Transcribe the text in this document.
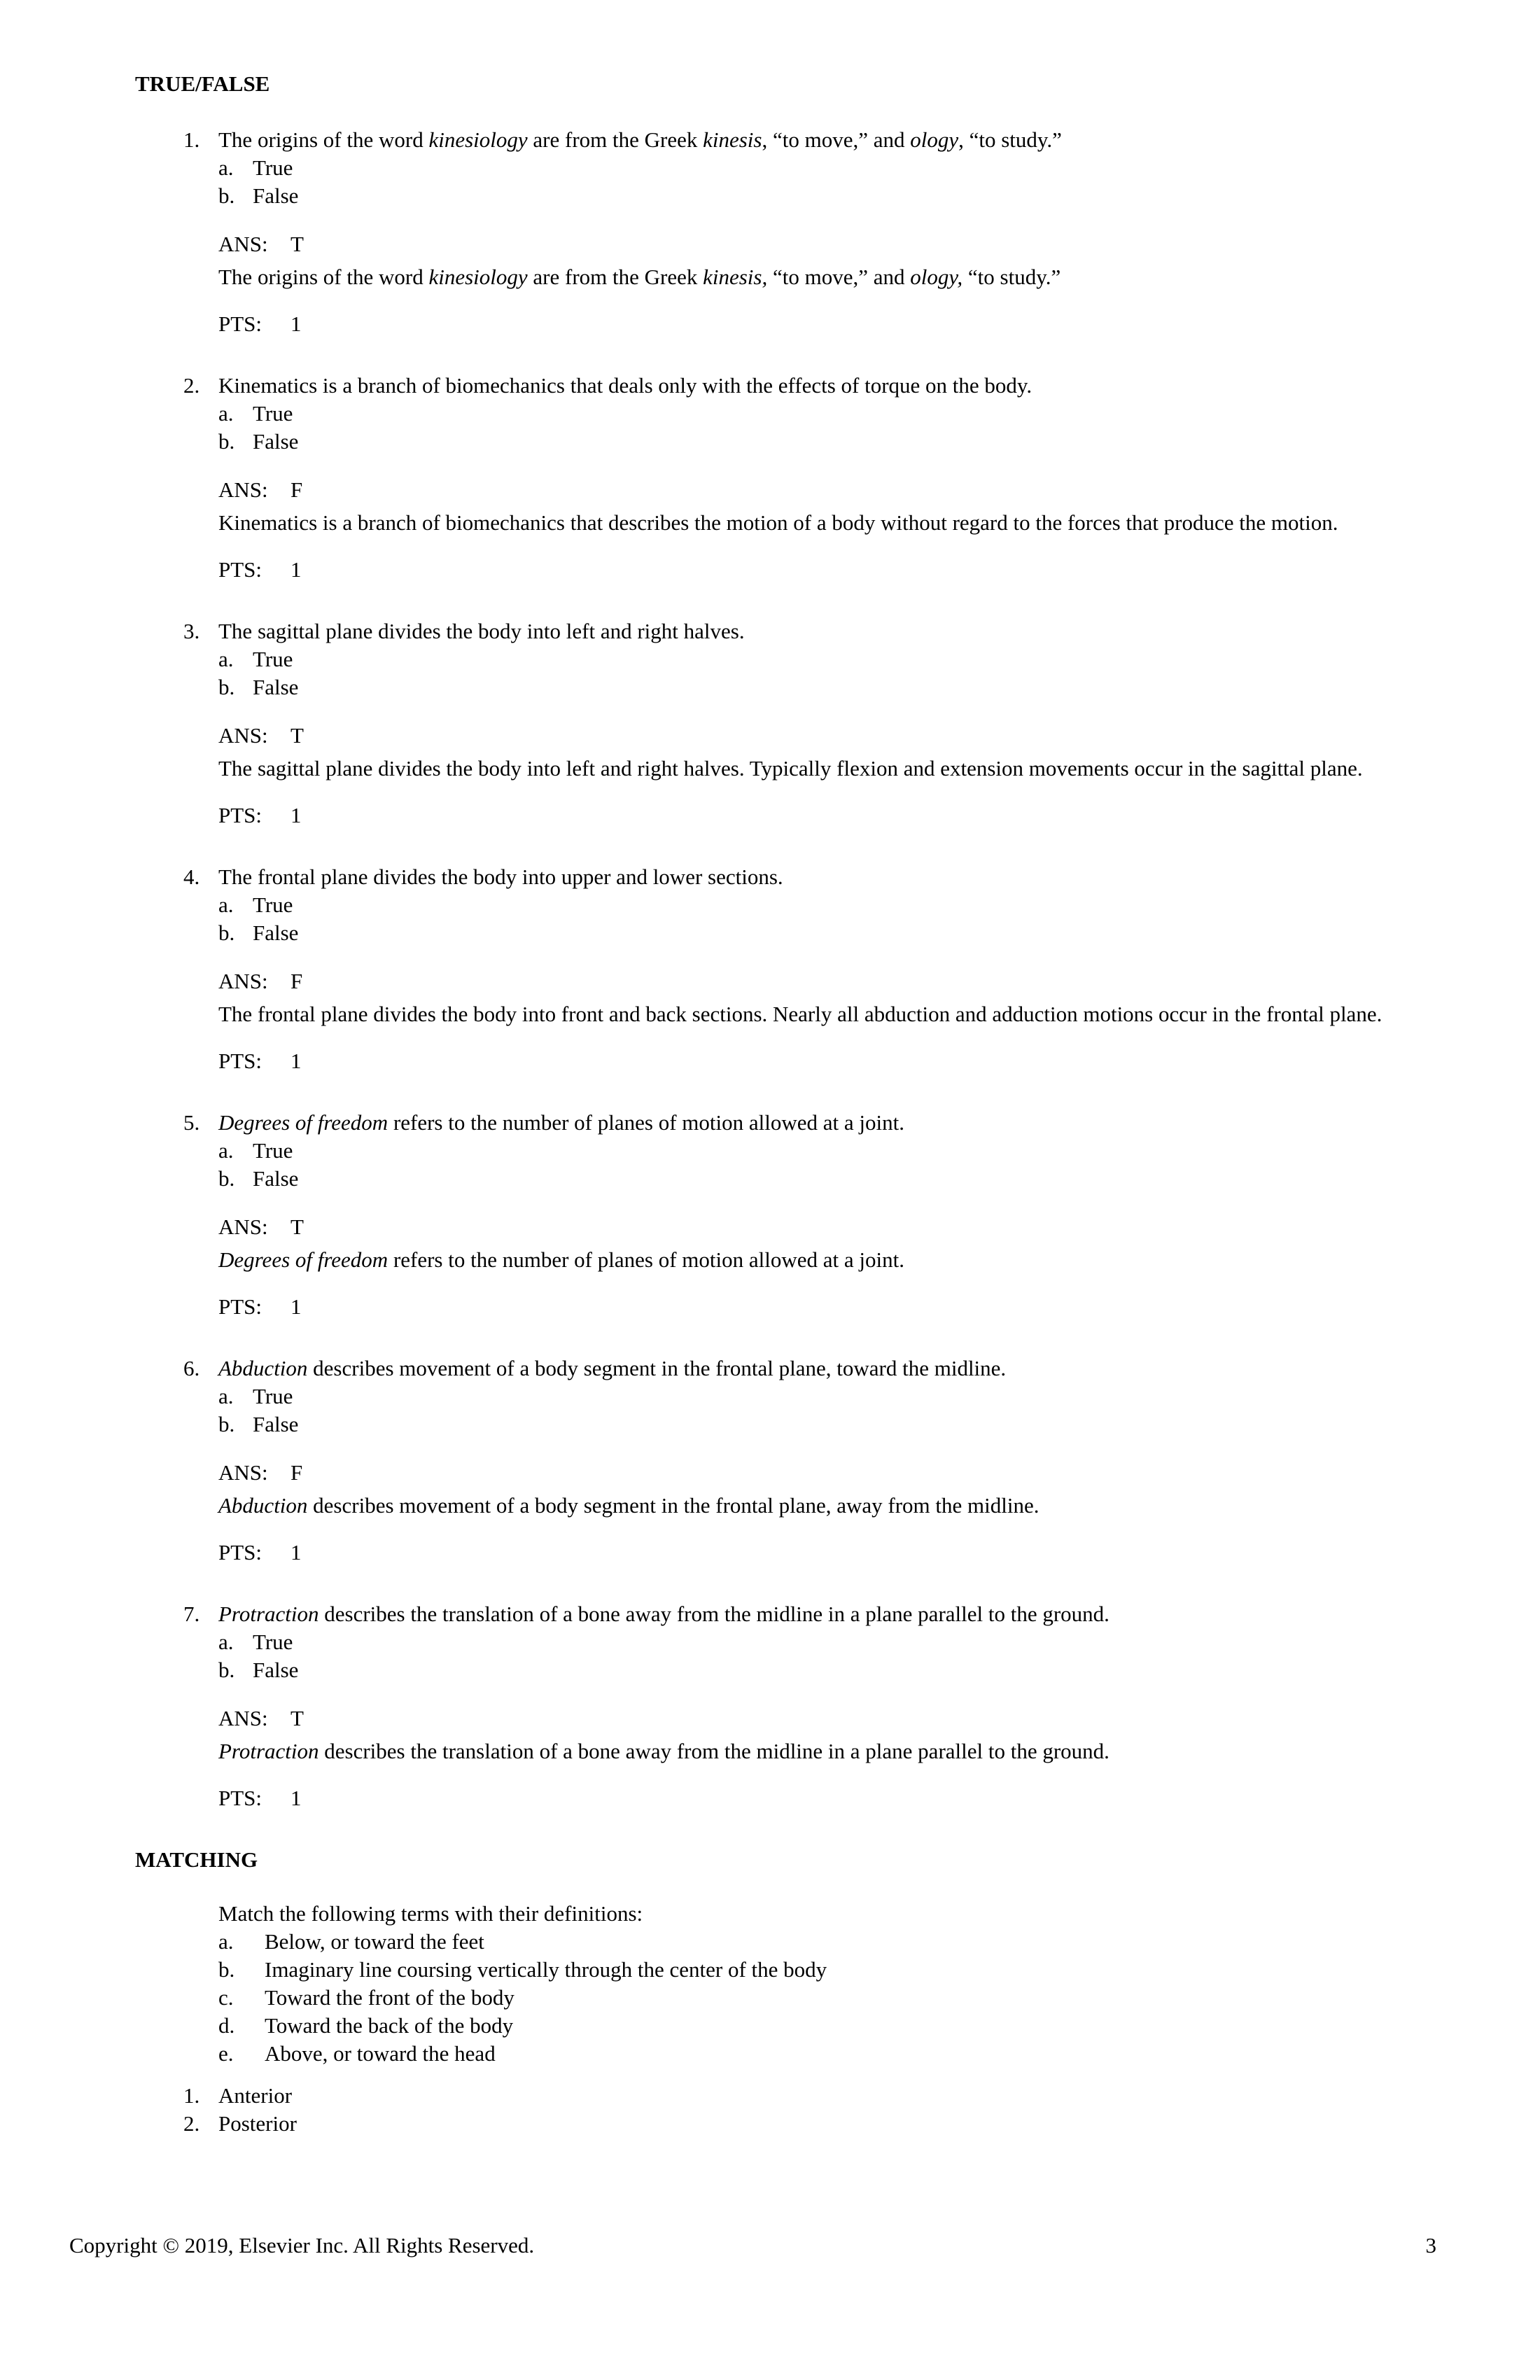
TRUE/FALSE
1. The origins of the word kinesiology are from the Greek kinesis, “to move,” and ology, “to study.”
a. True
b. False
ANS: T
The origins of the word kinesiology are from the Greek kinesis, “to move,” and ology, “to study.”
PTS: 1
2. Kinematics is a branch of biomechanics that deals only with the effects of torque on the body.
a. True
b. False
ANS: F
Kinematics is a branch of biomechanics that describes the motion of a body without regard to the forces that produce the motion.
PTS: 1
3. The sagittal plane divides the body into left and right halves.
a. True
b. False
ANS: T
The sagittal plane divides the body into left and right halves. Typically flexion and extension movements occur in the sagittal plane.
PTS: 1
4. The frontal plane divides the body into upper and lower sections.
a. True
b. False
ANS: F
The frontal plane divides the body into front and back sections. Nearly all abduction and adduction motions occur in the frontal plane.
PTS: 1
5. Degrees of freedom refers to the number of planes of motion allowed at a joint.
a. True
b. False
ANS: T
Degrees of freedom refers to the number of planes of motion allowed at a joint.
PTS: 1
6. Abduction describes movement of a body segment in the frontal plane, toward the midline.
a. True
b. False
ANS: F
Abduction describes movement of a body segment in the frontal plane, away from the midline.
PTS: 1
7. Protraction describes the translation of a bone away from the midline in a plane parallel to the ground.
a. True
b. False
ANS: T
Protraction describes the translation of a bone away from the midline in a plane parallel to the ground.
PTS: 1
MATCHING
Match the following terms with their definitions:
a.	Below, or toward the feet
b.	Imaginary line coursing vertically through the center of the body
c.	Toward the front of the body
d.	Toward the back of the body
e.	Above, or toward the head
1. Anterior
2. Posterior
Copyright © 2019, Elsevier Inc. All Rights Reserved.	3
